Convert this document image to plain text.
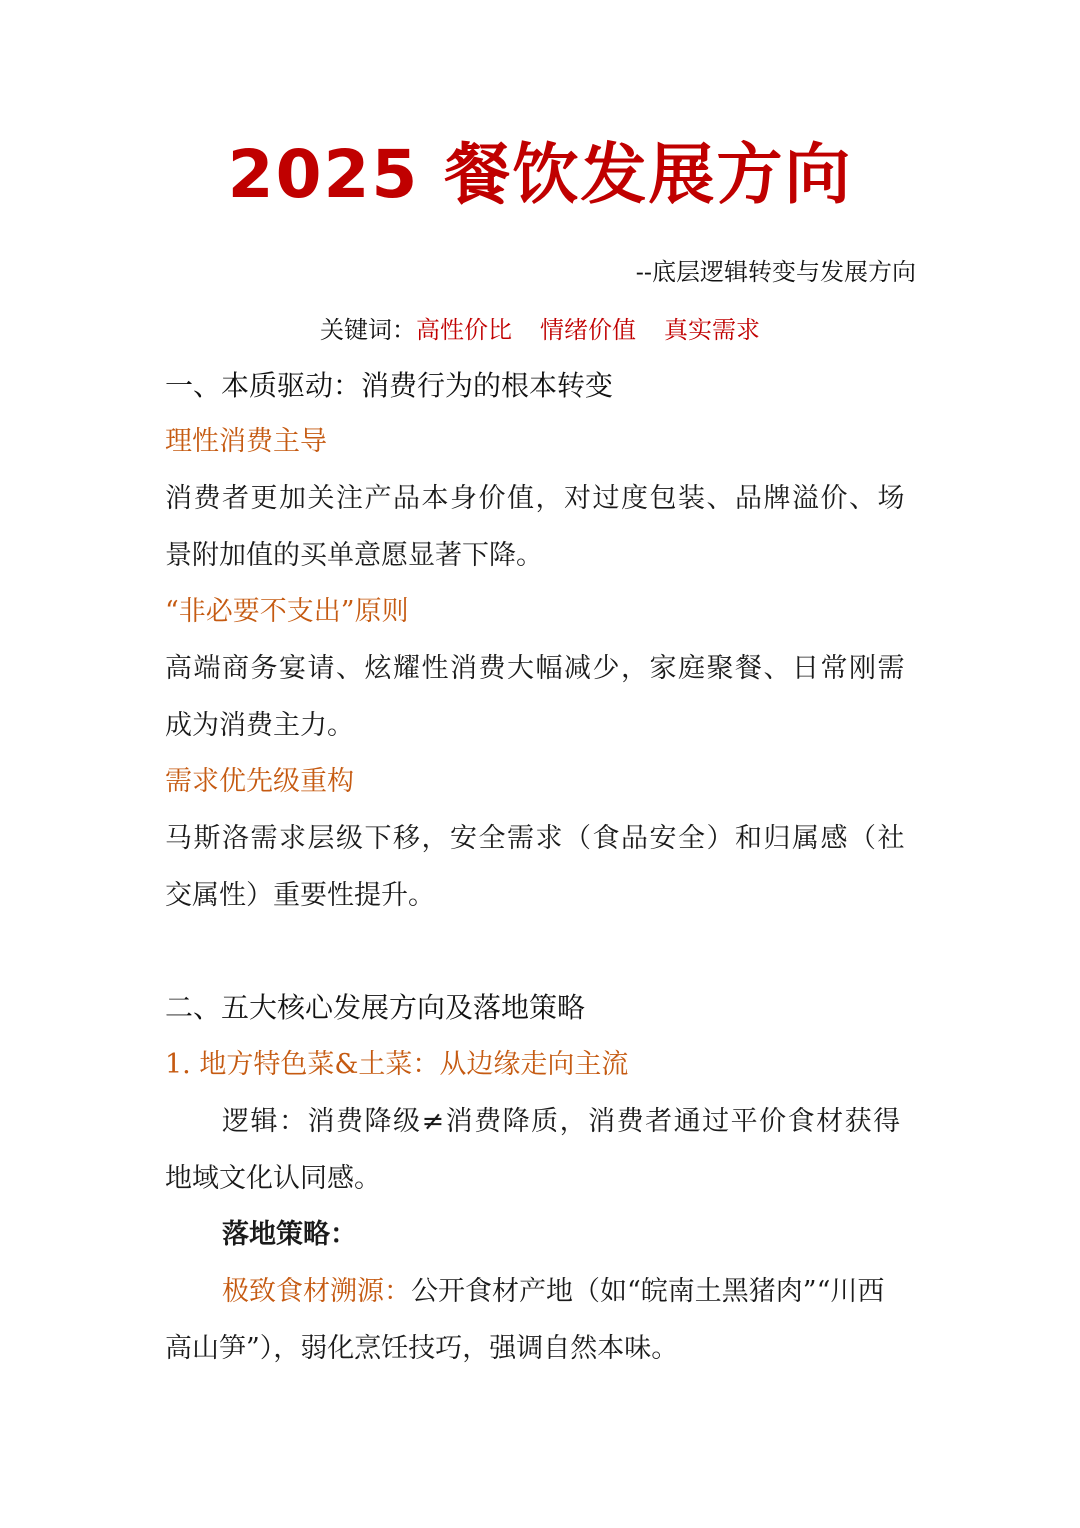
2025 餐饮发展方向
--底层逻辑转变与发展方向
关键词：高性价比 情绪价值 真实需求
一、本质驱动：消费行为的根本转变
理性消费主导
消费者更加关注产品本身价值，对过度包装、品牌溢价、场
景附加值的买单意愿显著下降。
“非必要不支出”原则
高端商务宴请、炫耀性消费大幅减少，家庭聚餐、日常刚需
成为消费主力。
需求优先级重构
马斯洛需求层级下移，安全需求（食品安全）和归属感（社
交属性）重要性提升。
二、五大核心发展方向及落地策略
1. 地方特色菜&土菜：从边缘走向主流
逻辑：消费降级≠消费降质，消费者通过平价食材获得
地域文化认同感。
落地策略：
极致食材溯源：公开食材产地（如“皖南土黑猪肉”“川西
高山笋”），弱化烹饪技巧，强调自然本味。
